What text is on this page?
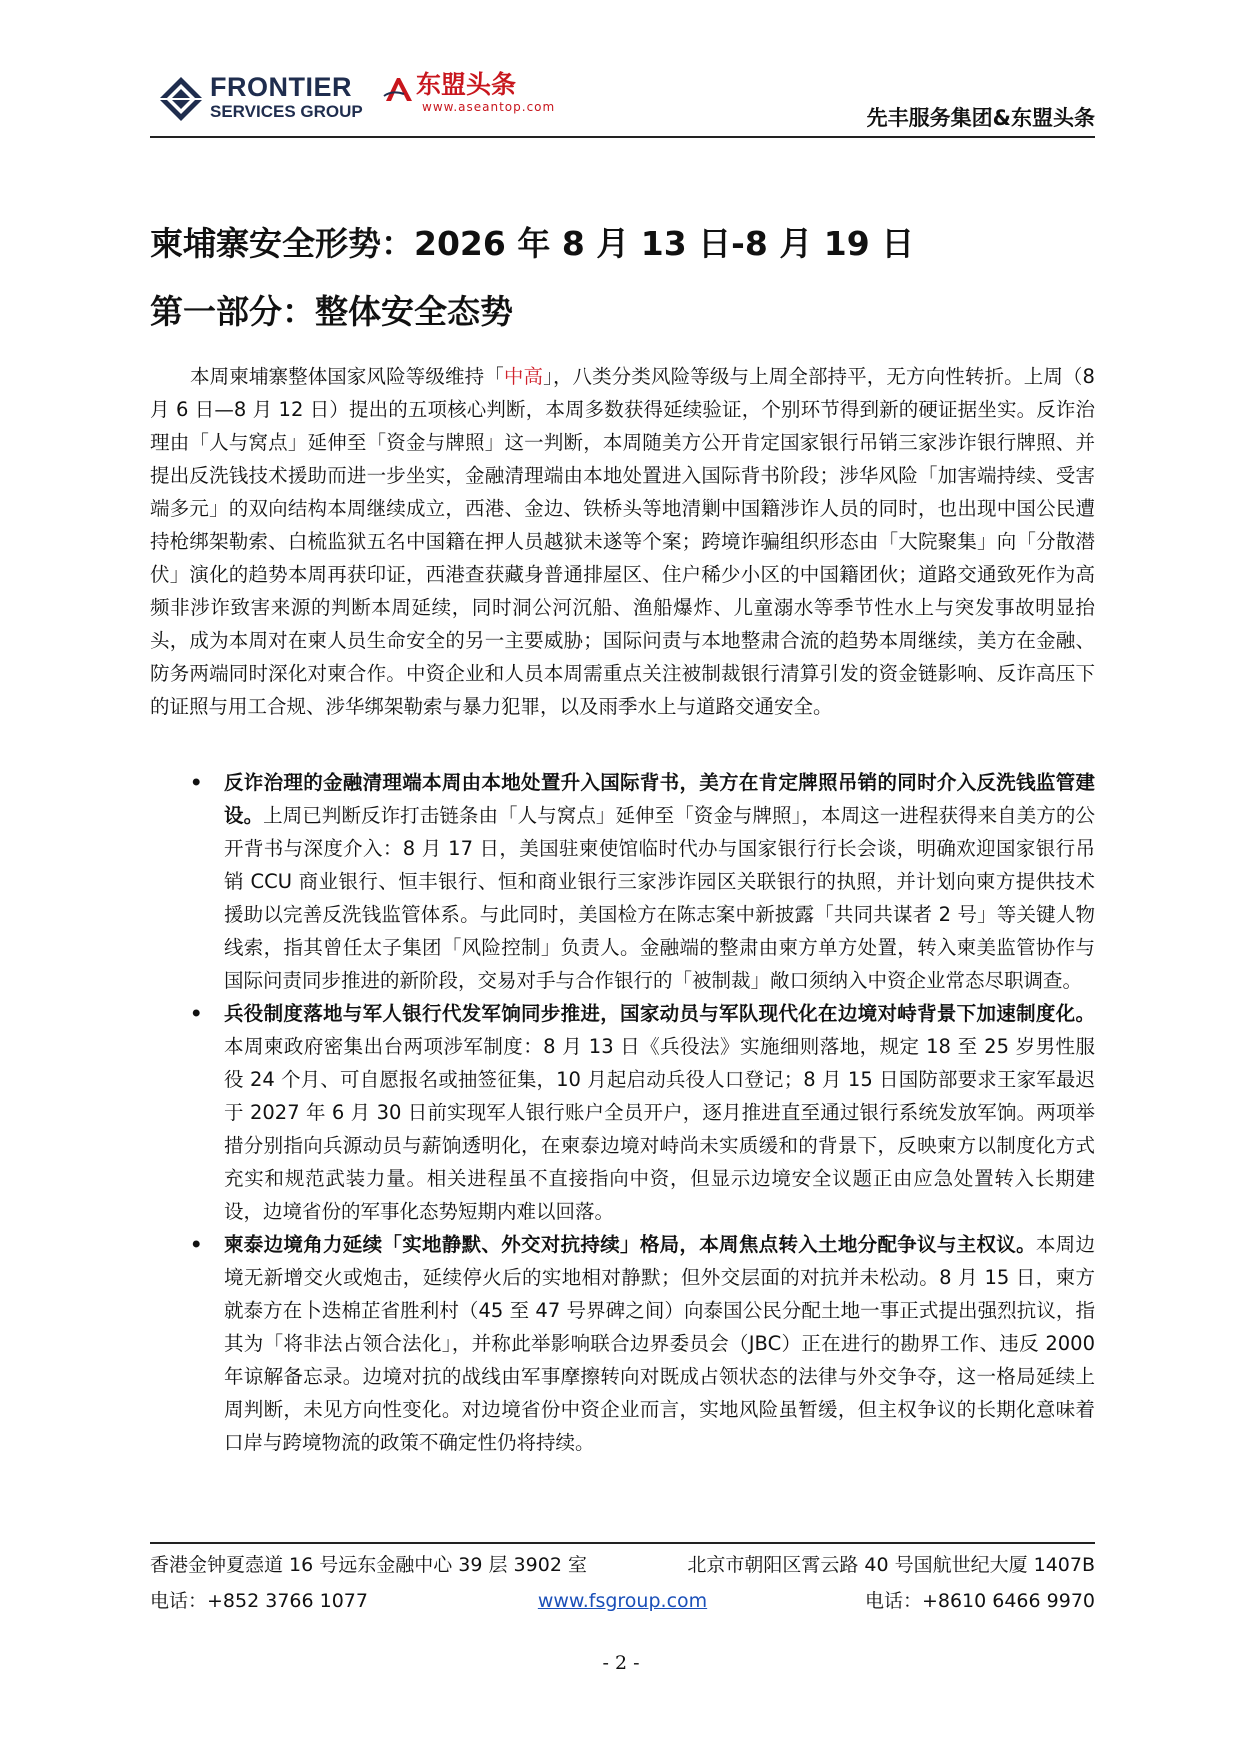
FRONTIER
SERVICES GROUP
东盟头条
www.aseantop.com	先丰服务集团&东盟头条
柬埔寨安全形势：2026 年 8 月 13 日-8 月 19 日
第一部分：整体安全态势

本周柬埔寨整体国家风险等级维持「中高」，八类分类风险等级与上周全部持平，无方向性转折。上周（8 月 6 日—8 月 12 日）提出的五项核心判断，本周多数获得延续验证，个别环节得到新的硬证据坐实。反诈治理由「人与窝点」延伸至「资金与牌照」这一判断，本周随美方公开肯定国家银行吊销三家涉诈银行牌照、并提出反洗钱技术援助而进一步坐实，金融清理端由本地处置进入国际背书阶段；涉华风险「加害端持续、受害端多元」的双向结构本周继续成立，西港、金边、铁桥头等地清剿中国籍涉诈人员的同时，也出现中国公民遭持枪绑架勒索、白梳监狱五名中国籍在押人员越狱未遂等个案；跨境诈骗组织形态由「大院聚集」向「分散潜伏」演化的趋势本周再获印证，西港查获藏身普通排屋区、住户稀少小区的中国籍团伙；道路交通致死作为高频非涉诈致害来源的判断本周延续，同时洞公河沉船、渔船爆炸、儿童溺水等季节性水上与突发事故明显抬头，成为本周对在柬人员生命安全的另一主要威胁；国际问责与本地整肃合流的趋势本周继续，美方在金融、防务两端同时深化对柬合作。中资企业和人员本周需重点关注被制裁银行清算引发的资金链影响、反诈高压下的证照与用工合规、涉华绑架勒索与暴力犯罪，以及雨季水上与道路交通安全。

• 反诈治理的金融清理端本周由本地处置升入国际背书，美方在肯定牌照吊销的同时介入反洗钱监管建设。上周已判断反诈打击链条由「人与窝点」延伸至「资金与牌照」，本周这一进程获得来自美方的公开背书与深度介入：8 月 17 日，美国驻柬使馆临时代办与国家银行行长会谈，明确欢迎国家银行吊销 CCU 商业银行、恒丰银行、恒和商业银行三家涉诈园区关联银行的执照，并计划向柬方提供技术援助以完善反洗钱监管体系。与此同时，美国检方在陈志案中新披露「共同共谋者 2 号」等关键人物线索，指其曾任太子集团「风险控制」负责人。金融端的整肃由柬方单方处置，转入柬美监管协作与国际问责同步推进的新阶段，交易对手与合作银行的「被制裁」敞口须纳入中资企业常态尽职调查。
• 兵役制度落地与军人银行代发军饷同步推进，国家动员与军队现代化在边境对峙背景下加速制度化。本周柬政府密集出台两项涉军制度：8 月 13 日《兵役法》实施细则落地，规定 18 至 25 岁男性服役 24 个月、可自愿报名或抽签征集，10 月起启动兵役人口登记；8 月 15 日国防部要求王家军最迟于 2027 年 6 月 30 日前实现军人银行账户全员开户，逐月推进直至通过银行系统发放军饷。两项举措分别指向兵源动员与薪饷透明化，在柬泰边境对峙尚未实质缓和的背景下，反映柬方以制度化方式充实和规范武装力量。相关进程虽不直接指向中资，但显示边境安全议题正由应急处置转入长期建设，边境省份的军事化态势短期内难以回落。
• 柬泰边境角力延续「实地静默、外交对抗持续」格局，本周焦点转入土地分配争议与主权议。本周边境无新增交火或炮击，延续停火后的实地相对静默；但外交层面的对抗并未松动。8 月 15 日，柬方就泰方在卜迭棉芷省胜利村（45 至 47 号界碑之间）向泰国公民分配土地一事正式提出强烈抗议，指其为「将非法占领合法化」，并称此举影响联合边界委员会（JBC）正在进行的勘界工作、违反 2000 年谅解备忘录。边境对抗的战线由军事摩擦转向对既成占领状态的法律与外交争夺，这一格局延续上周判断，未见方向性变化。对边境省份中资企业而言，实地风险虽暂缓，但主权争议的长期化意味着口岸与跨境物流的政策不确定性仍将持续。
香港金钟夏悫道 16 号远东金融中心 39 层 3902 室	北京市朝阳区霄云路 40 号国航世纪大厦 1407B
电话：+852 3766 1077	www.fsgroup.com	电话：+8610 6466 9970
- 2 -
